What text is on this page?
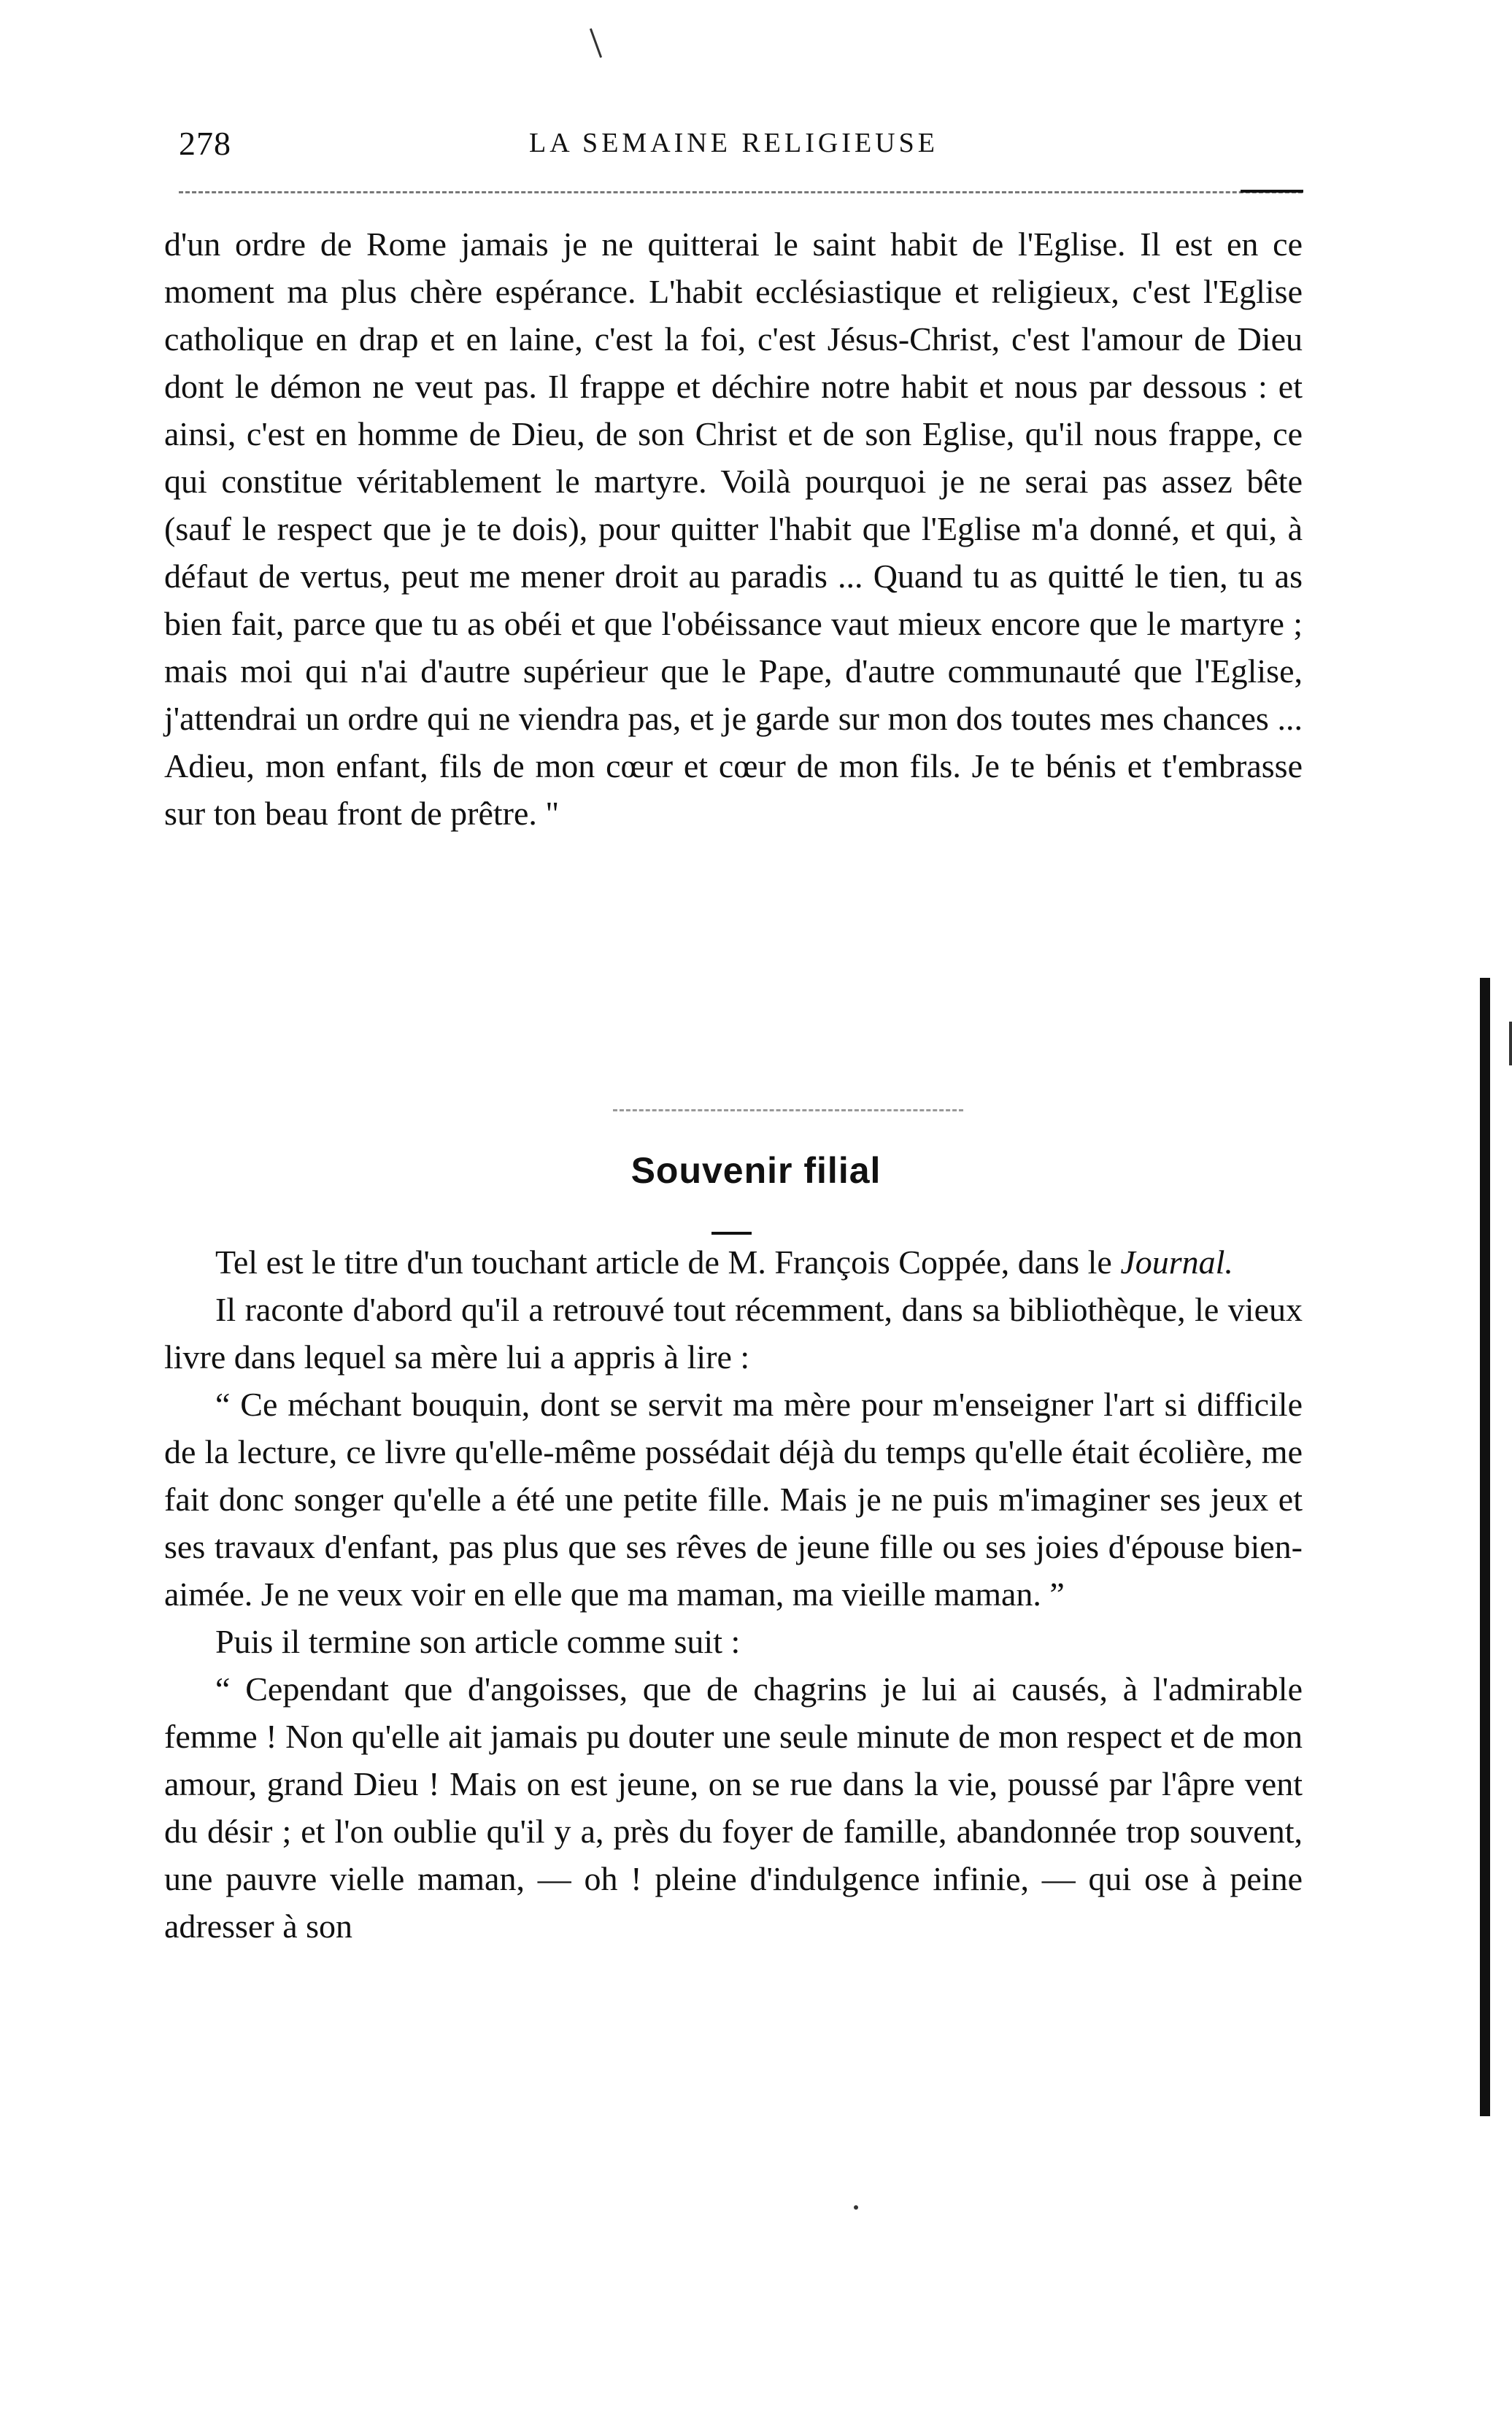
278	LA SEMAINE RELIGIEUSE

d'un ordre de Rome jamais je ne quitterai le saint habit de l'Eglise. Il est en ce moment ma plus chère espérance. L'habit ecclésiastique et religieux, c'est l'Eglise catholique en drap et en laine, c'est la foi, c'est Jésus-Christ, c'est l'amour de Dieu dont le démon ne veut pas. Il frappe et déchire notre habit et nous par dessous : et ainsi, c'est en homme de Dieu, de son Christ et de son Eglise, qu'il nous frappe, ce qui constitue véritablement le martyre. Voilà pourquoi je ne serai pas assez bête (sauf le respect que je te dois), pour quitter l'habit que l'Eglise m'a donné, et qui, à défaut de vertus, peut me mener droit au paradis ... Quand tu as quitté le tien, tu as bien fait, parce que tu as obéi et que l'obéissance vaut mieux encore que le martyre ; mais moi qui n'ai d'autre supérieur que le Pape, d'autre communauté que l'Eglise, j'attendrai un ordre qui ne viendra pas, et je garde sur mon dos toutes mes chances ... Adieu, mon enfant, fils de mon cœur et cœur de mon fils. Je te bénis et t'embrasse sur ton beau front de prêtre. "

Souvenir filial

Tel est le titre d'un touchant article de M. François Coppée, dans le Journal.

Il raconte d'abord qu'il a retrouvé tout récemment, dans sa bibliothèque, le vieux livre dans lequel sa mère lui a appris à lire :

“ Ce méchant bouquin, dont se servit ma mère pour m'enseigner l'art si difficile de la lecture, ce livre qu'elle-même possédait déjà du temps qu'elle était écolière, me fait donc songer qu'elle a été une petite fille. Mais je ne puis m'imaginer ses jeux et ses travaux d'enfant, pas plus que ses rêves de jeune fille ou ses joies d'épouse bien-aimée. Je ne veux voir en elle que ma maman, ma vieille maman. ”

Puis il termine son article comme suit :

“ Cependant que d'angoisses, que de chagrins je lui ai causés, à l'admirable femme ! Non qu'elle ait jamais pu douter une seule minute de mon respect et de mon amour, grand Dieu ! Mais on est jeune, on se rue dans la vie, poussé par l'âpre vent du désir ; et l'on oublie qu'il y a, près du foyer de famille, abandonnée trop souvent, une pauvre vielle maman, — oh ! pleine d'indulgence infinie, — qui ose à peine adresser à son
